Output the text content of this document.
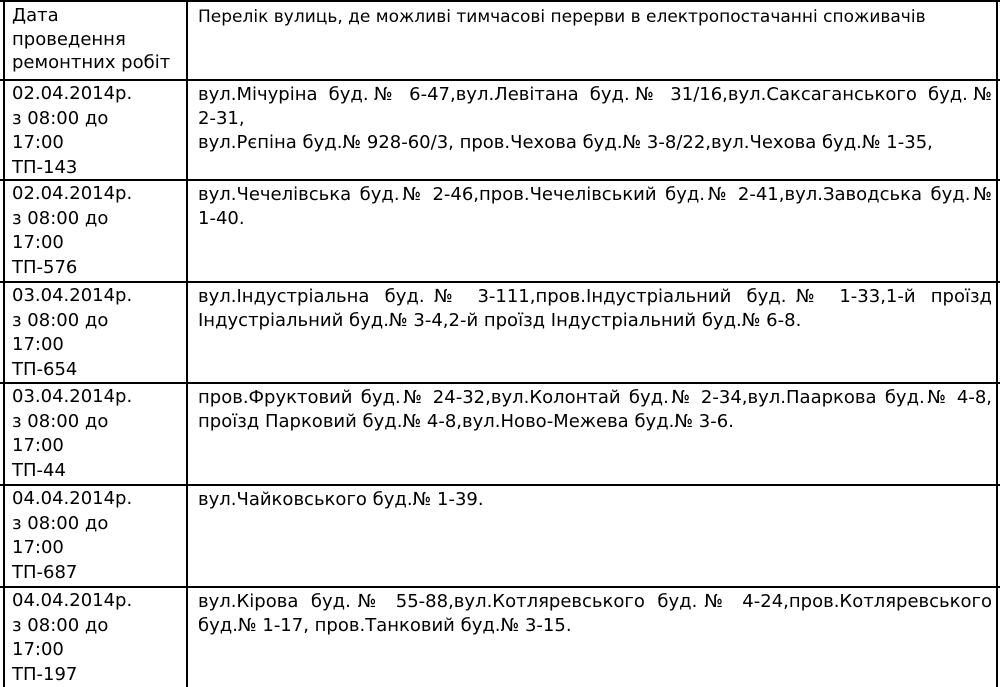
Дата
проведення
ремонтних робіт
Перелік вулиць, де можливі тимчасові перерви в електропостачанні споживачів
02.04.2014р.
з 08:00 до
17:00
ТП-143
вул.Мічуріна буд.№ 6-47,вул.Левітана буд.№ 31/16,вул.Саксаганського буд.№
2-31,
вул.Рєпіна буд.№ 928-60/3, пров.Чехова буд.№ 3-8/22,вул.Чехова буд.№ 1-35,
02.04.2014р.
з 08:00 до
17:00
ТП-576
вул.Чечелівська буд.№ 2-46,пров.Чечелівський буд.№ 2-41,вул.Заводська буд.№
1-40.
03.04.2014р.
з 08:00 до
17:00
ТП-654
вул.Індустріальна буд.№ 3-111,пров.Індустріальний буд.№ 1-33,1-й проїзд
Індустріальний буд.№ 3-4,2-й проїзд Індустріальний буд.№ 6-8.
03.04.2014р.
з 08:00 до
17:00
ТП-44
пров.Фруктовий буд.№ 24-32,вул.Колонтай буд.№ 2-34,вул.Пааркова буд.№ 4-8,
проїзд Парковий буд.№ 4-8,вул.Ново-Межева буд.№ 3-6.
04.04.2014р.
з 08:00 до
17:00
ТП-687
вул.Чайковського буд.№ 1-39.
04.04.2014р.
з 08:00 до
17:00
ТП-197
вул.Кірова буд.№ 55-88,вул.Котляревського буд.№ 4-24,пров.Котляревського
буд.№ 1-17, пров.Танковий буд.№ 3-15.
